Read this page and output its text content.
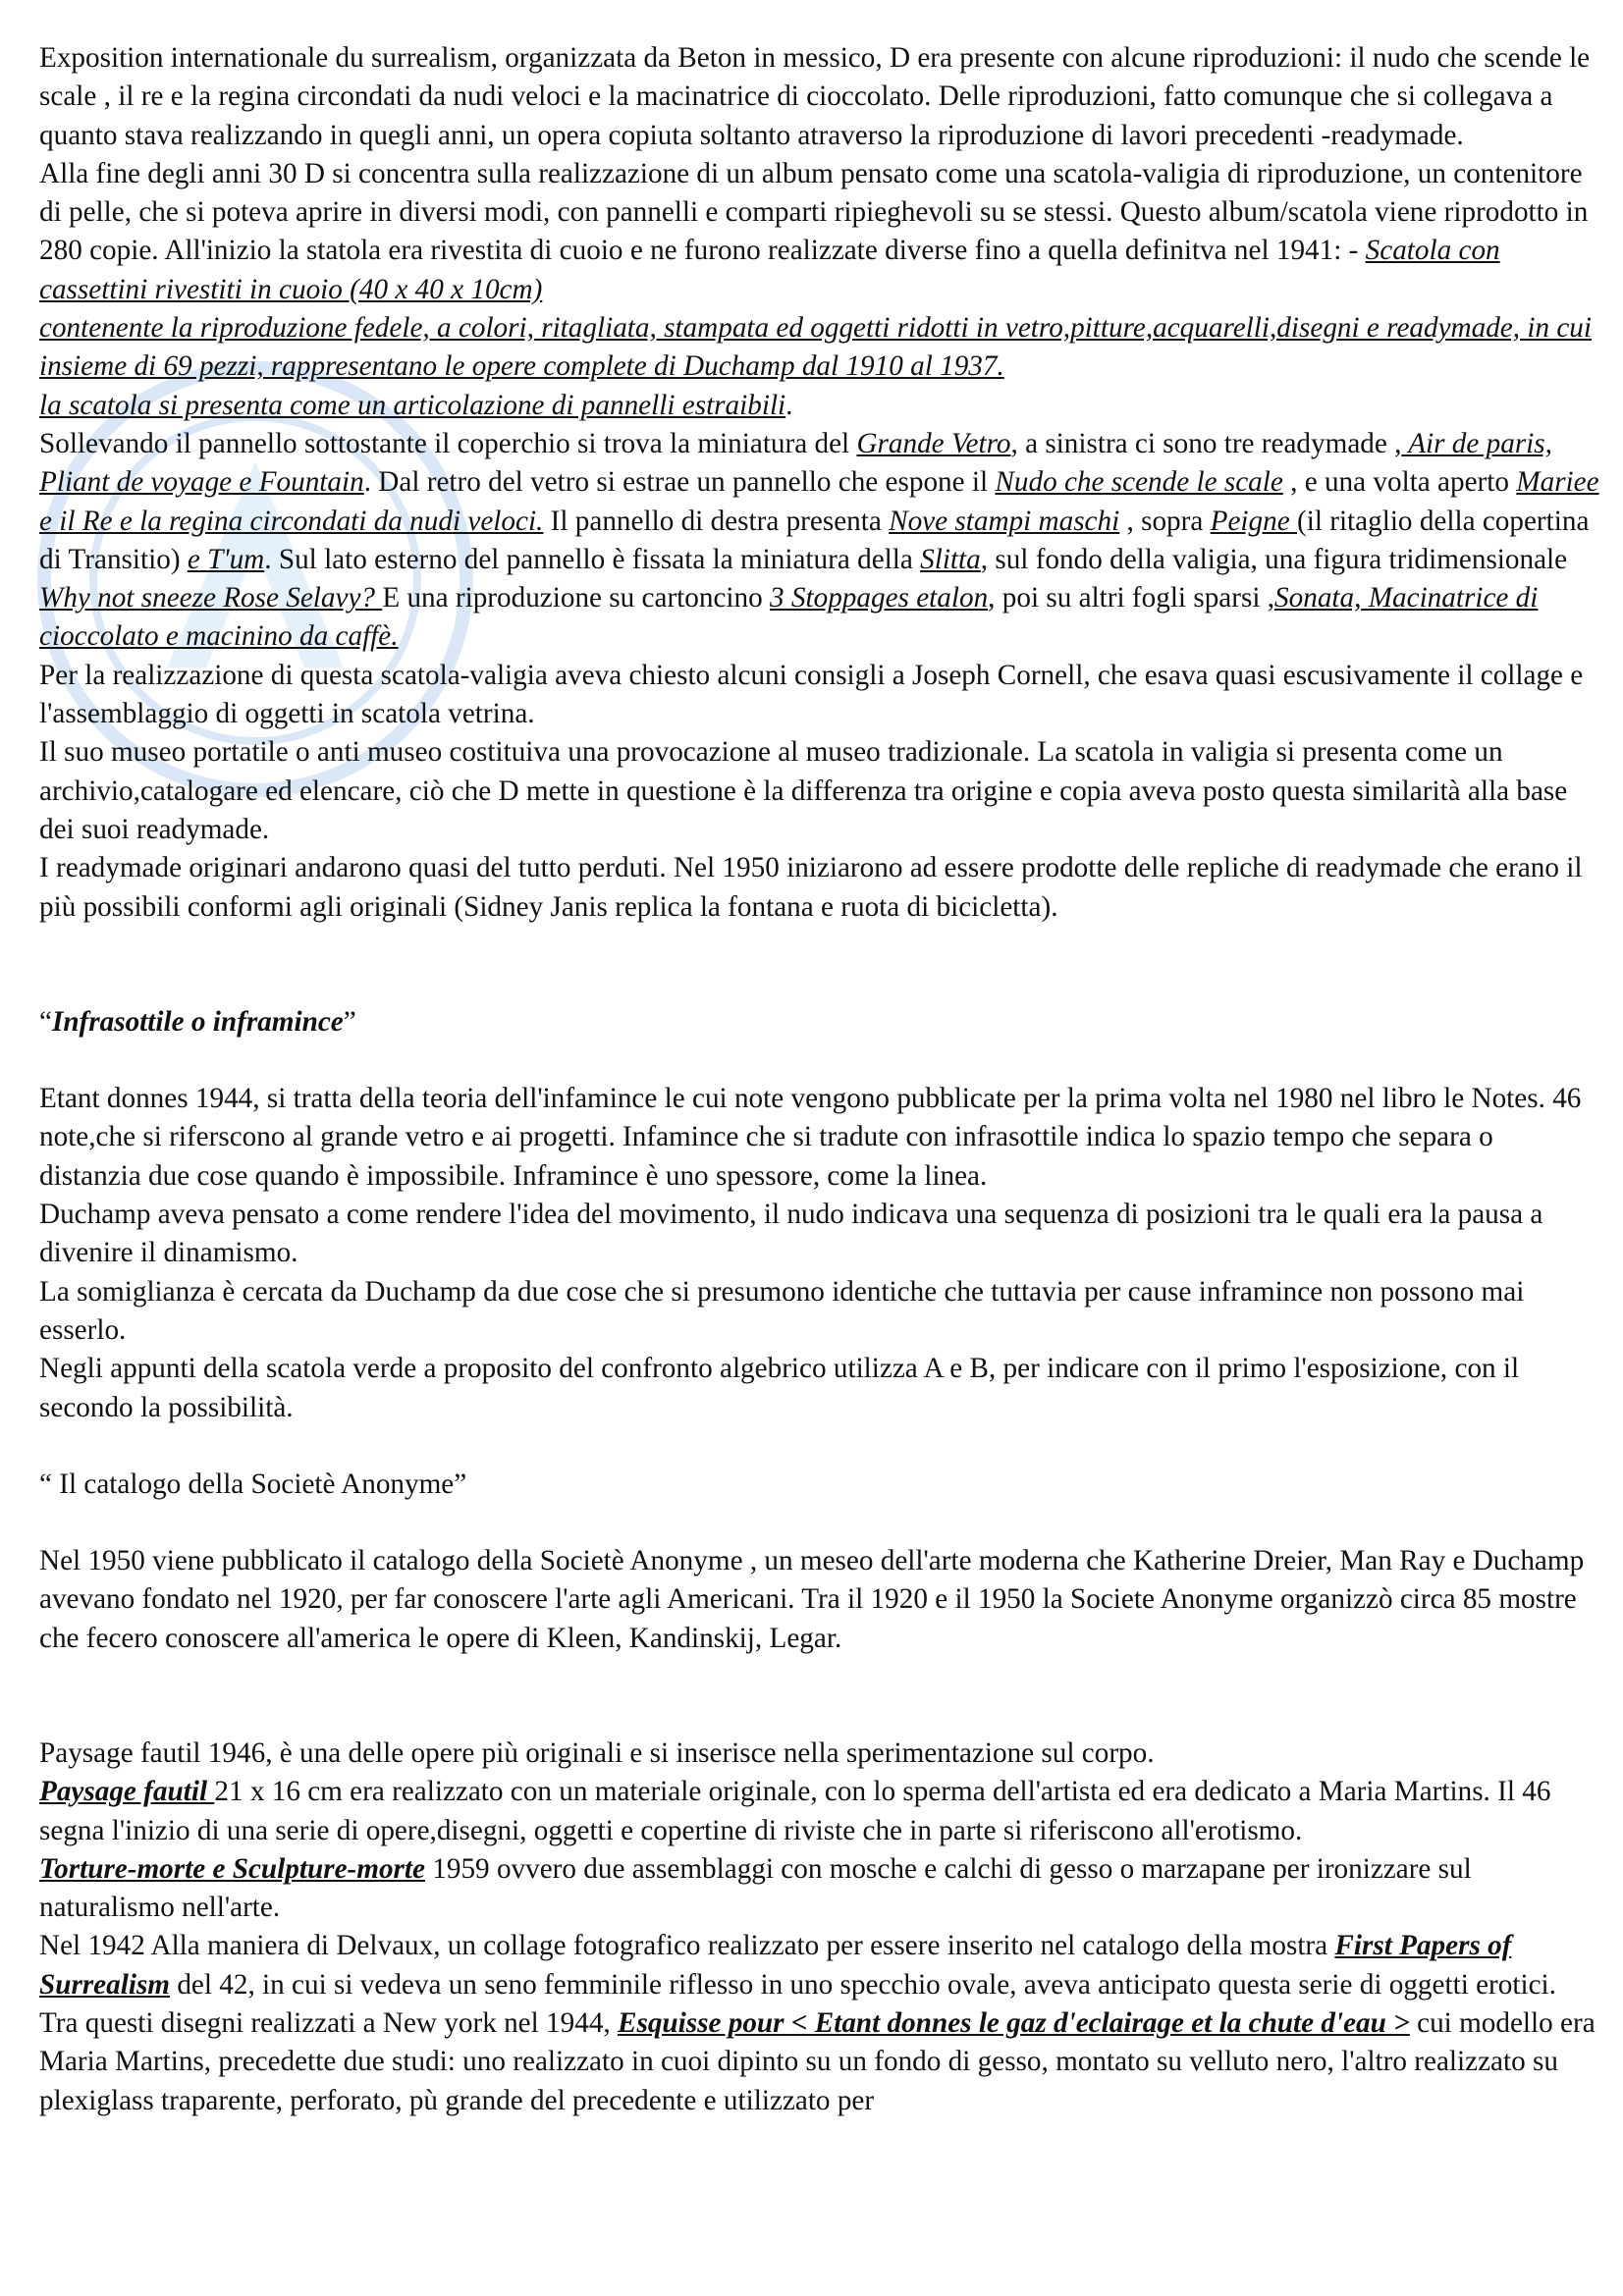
Exposition internationale du surrealism, organizzata da Beton in messico, D era presente con alcune riproduzioni: il nudo che scende le scale , il re e la regina circondati da nudi veloci e la macinatrice di cioccolato. Delle riproduzioni, fatto comunque che si collegava a quanto stava realizzando in quegli anni, un opera copiuta soltanto atraverso la riproduzione di lavori precedenti -readymade.

Alla fine degli anni 30 D si concentra sulla realizzazione di un album pensato come una scatola-valigia di riproduzione, un contenitore di pelle, che si poteva aprire in diversi modi, con pannelli e comparti ripieghevoli su se stessi. Questo album/scatola viene riprodotto in 280 copie. All'inizio la statola era rivestita di cuoio e ne furono realizzate diverse fino a quella definitva nel 1941: - Scatola con cassettini rivestiti in cuoio (40 x 40 x 10cm)
contenente la riproduzione fedele, a colori, ritagliata, stampata ed oggetti ridotti in vetro,pitture,acquarelli,disegni e readymade, in cui insieme di 69 pezzi, rappresentano le opere complete di Duchamp dal 1910 al 1937.
la scatola si presenta come un articolazione di pannelli estraibili.

Sollevando il pannello sottostante il coperchio si trova la miniatura del Grande Vetro, a sinistra ci sono tre readymade , Air de paris, Pliant de voyage e Fountain. Dal retro del vetro si estrae un pannello che espone il Nudo che scende le scale , e una volta aperto Mariee e il Re e la regina circondati da nudi veloci. Il pannello di destra presenta Nove stampi maschi , sopra Peigne (il ritaglio della copertina di Transitio) e T'um. Sul lato esterno del pannello è fissata la miniatura della Slitta, sul fondo della valigia, una figura tridimensionale Why not sneeze Rose Selavy? E una riproduzione su cartoncino 3 Stoppages etalon, poi su altri fogli sparsi ,Sonata, Macinatrice di cioccolato e macinino da caffè.

Per la realizzazione di questa scatola-valigia aveva chiesto alcuni consigli a Joseph Cornell, che esava quasi escusivamente il collage e l'assemblaggio di oggetti in scatola vetrina.

Il suo museo portatile o anti museo costituiva una provocazione al museo tradizionale. La scatola in valigia si presenta come un archivio,catalogare ed elencare, ciò che D mette in questione è la differenza tra origine e copia aveva posto questa similarità alla base dei suoi readymade.

I readymade originari andarono quasi del tutto perduti. Nel 1950 iniziarono ad essere prodotte delle repliche di readymade che erano il più possibili conformi agli originali (Sidney Janis replica la fontana e ruota di bicicletta).

“Infrasottile o inframince”

Etant donnes 1944, si tratta della teoria dell'infamince le cui note vengono pubblicate per la prima volta nel 1980 nel libro le Notes. 46 note,che si riferscono al grande vetro e ai progetti. Infamince che si tradute con infrasottile indica lo spazio tempo che separa o distanzia due cose quando è impossibile. Inframince è uno spessore, come la linea.

Duchamp aveva pensato a come rendere l'idea del movimento, il nudo indicava una sequenza di posizioni tra le quali era la pausa a divenire il dinamismo.

La somiglianza è cercata da Duchamp da due cose che si presumono identiche che tuttavia per cause inframince non possono mai esserlo.

Negli appunti della scatola verde a proposito del confronto algebrico utilizza A e B, per indicare con il primo l'esposizione, con il secondo la possibilità.

“ Il catalogo della Societè Anonyme”

Nel 1950 viene pubblicato il catalogo della Societè Anonyme , un meseo dell'arte moderna che Katherine Dreier, Man Ray e Duchamp avevano fondato nel 1920, per far conoscere l'arte agli Americani. Tra il 1920 e il 1950 la Societe Anonyme organizzò circa 85 mostre che fecero conoscere all'america le opere di Kleen, Kandinskij, Legar.

Paysage fautil 1946, è una delle opere più originali e si inserisce nella sperimentazione sul corpo.

Paysage fautil 21 x 16 cm era realizzato con un materiale originale, con lo sperma dell'artista ed era dedicato a Maria Martins. Il 46 segna l'inizio di una serie di opere,disegni, oggetti e copertine di riviste che in parte si riferiscono all'erotismo.

Torture-morte e Sculpture-morte 1959 ovvero due assemblaggi con mosche e calchi di gesso o marzapane per ironizzare sul naturalismo nell'arte.

Nel 1942 Alla maniera di Delvaux, un collage fotografico realizzato per essere inserito nel catalogo della mostra First Papers of Surrealism del 42, in cui si vedeva un seno femminile riflesso in uno specchio ovale, aveva anticipato questa serie di oggetti erotici.

Tra questi disegni realizzati a New york nel 1944, Esquisse pour < Etant donnes le gaz d'eclairage et la chute d'eau > cui modello era Maria Martins, precedette due studi: uno realizzato in cuoi dipinto su un fondo di gesso, montato su velluto nero, l'altro realizzato su plexiglass traparente, perforato, pù grande del precedente e utilizzato per
